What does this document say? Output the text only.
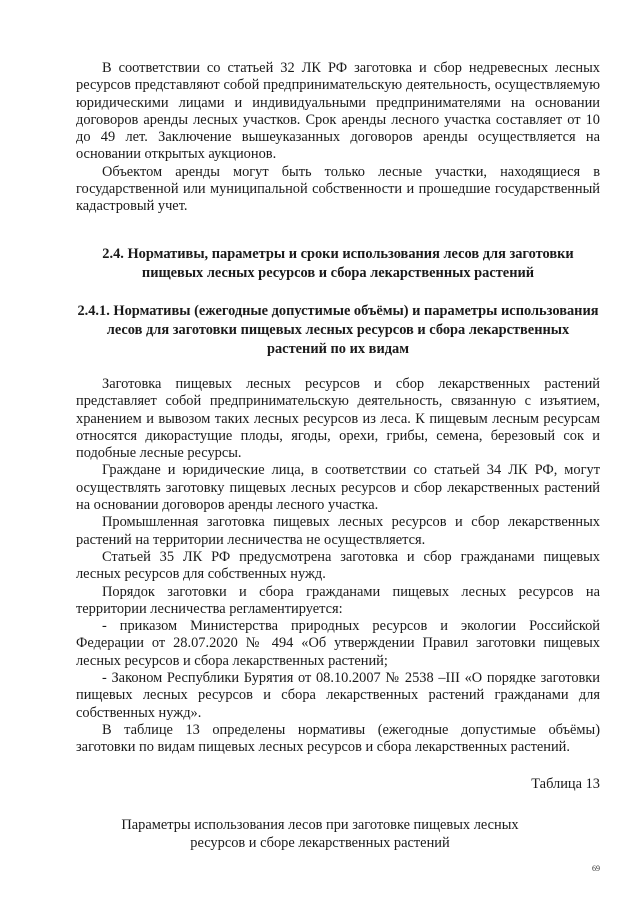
В соответствии со статьей 32 ЛК РФ заготовка и сбор недревесных лесных ресурсов представляют собой предпринимательскую деятельность, осуществляемую юридическими лицами и индивидуальными предпринимателями на основании договоров аренды лесных участков. Срок аренды лесного участка составляет от 10 до 49 лет. Заключение вышеуказанных договоров аренды осуществляется на основании открытых аукционов.

Объектом аренды могут быть только лесные участки, находящиеся в государственной или муниципальной собственности и прошедшие государственный кадастровый учет.

2.4. Нормативы, параметры и сроки использования лесов для заготовки пищевых лесных ресурсов и сбора лекарственных растений
2.4.1. Нормативы (ежегодные допустимые объёмы) и параметры использования лесов для заготовки пищевых лесных ресурсов и сбора лекарственных растений по их видам

Заготовка пищевых лесных ресурсов и сбор лекарственных растений представляет собой предпринимательскую деятельность, связанную с изъятием, хранением и вывозом таких лесных ресурсов из леса. К пищевым лесным ресурсам относятся дикорастущие плоды, ягоды, орехи, грибы, семена, березовый сок и подобные лесные ресурсы.

Граждане и юридические лица, в соответствии со статьей 34 ЛК РФ, могут осуществлять заготовку пищевых лесных ресурсов и сбор лекарственных растений на основании договоров аренды лесного участка.

Промышленная заготовка пищевых лесных ресурсов и сбор лекарственных растений на территории лесничества не осуществляется.

Статьей 35 ЛК РФ предусмотрена заготовка и сбор гражданами пищевых лесных ресурсов для собственных нужд.

Порядок заготовки и сбора гражданами пищевых лесных ресурсов на территории лесничества регламентируется:

- приказом Министерства природных ресурсов и экологии Российской Федерации от 28.07.2020 № 494 «Об утверждении Правил заготовки пищевых лесных ресурсов и сбора лекарственных растений;

- Законом Республики Бурятия от 08.10.2007 № 2538 –III «О порядке заготовки пищевых лесных ресурсов и сбора лекарственных растений гражданами для собственных нужд».

В таблице 13 определены нормативы (ежегодные допустимые объёмы) заготовки по видам пищевых лесных ресурсов и сбора лекарственных растений.

Таблица 13
Параметры использования лесов при заготовке пищевых лесных ресурсов и сборе лекарственных растений
69
